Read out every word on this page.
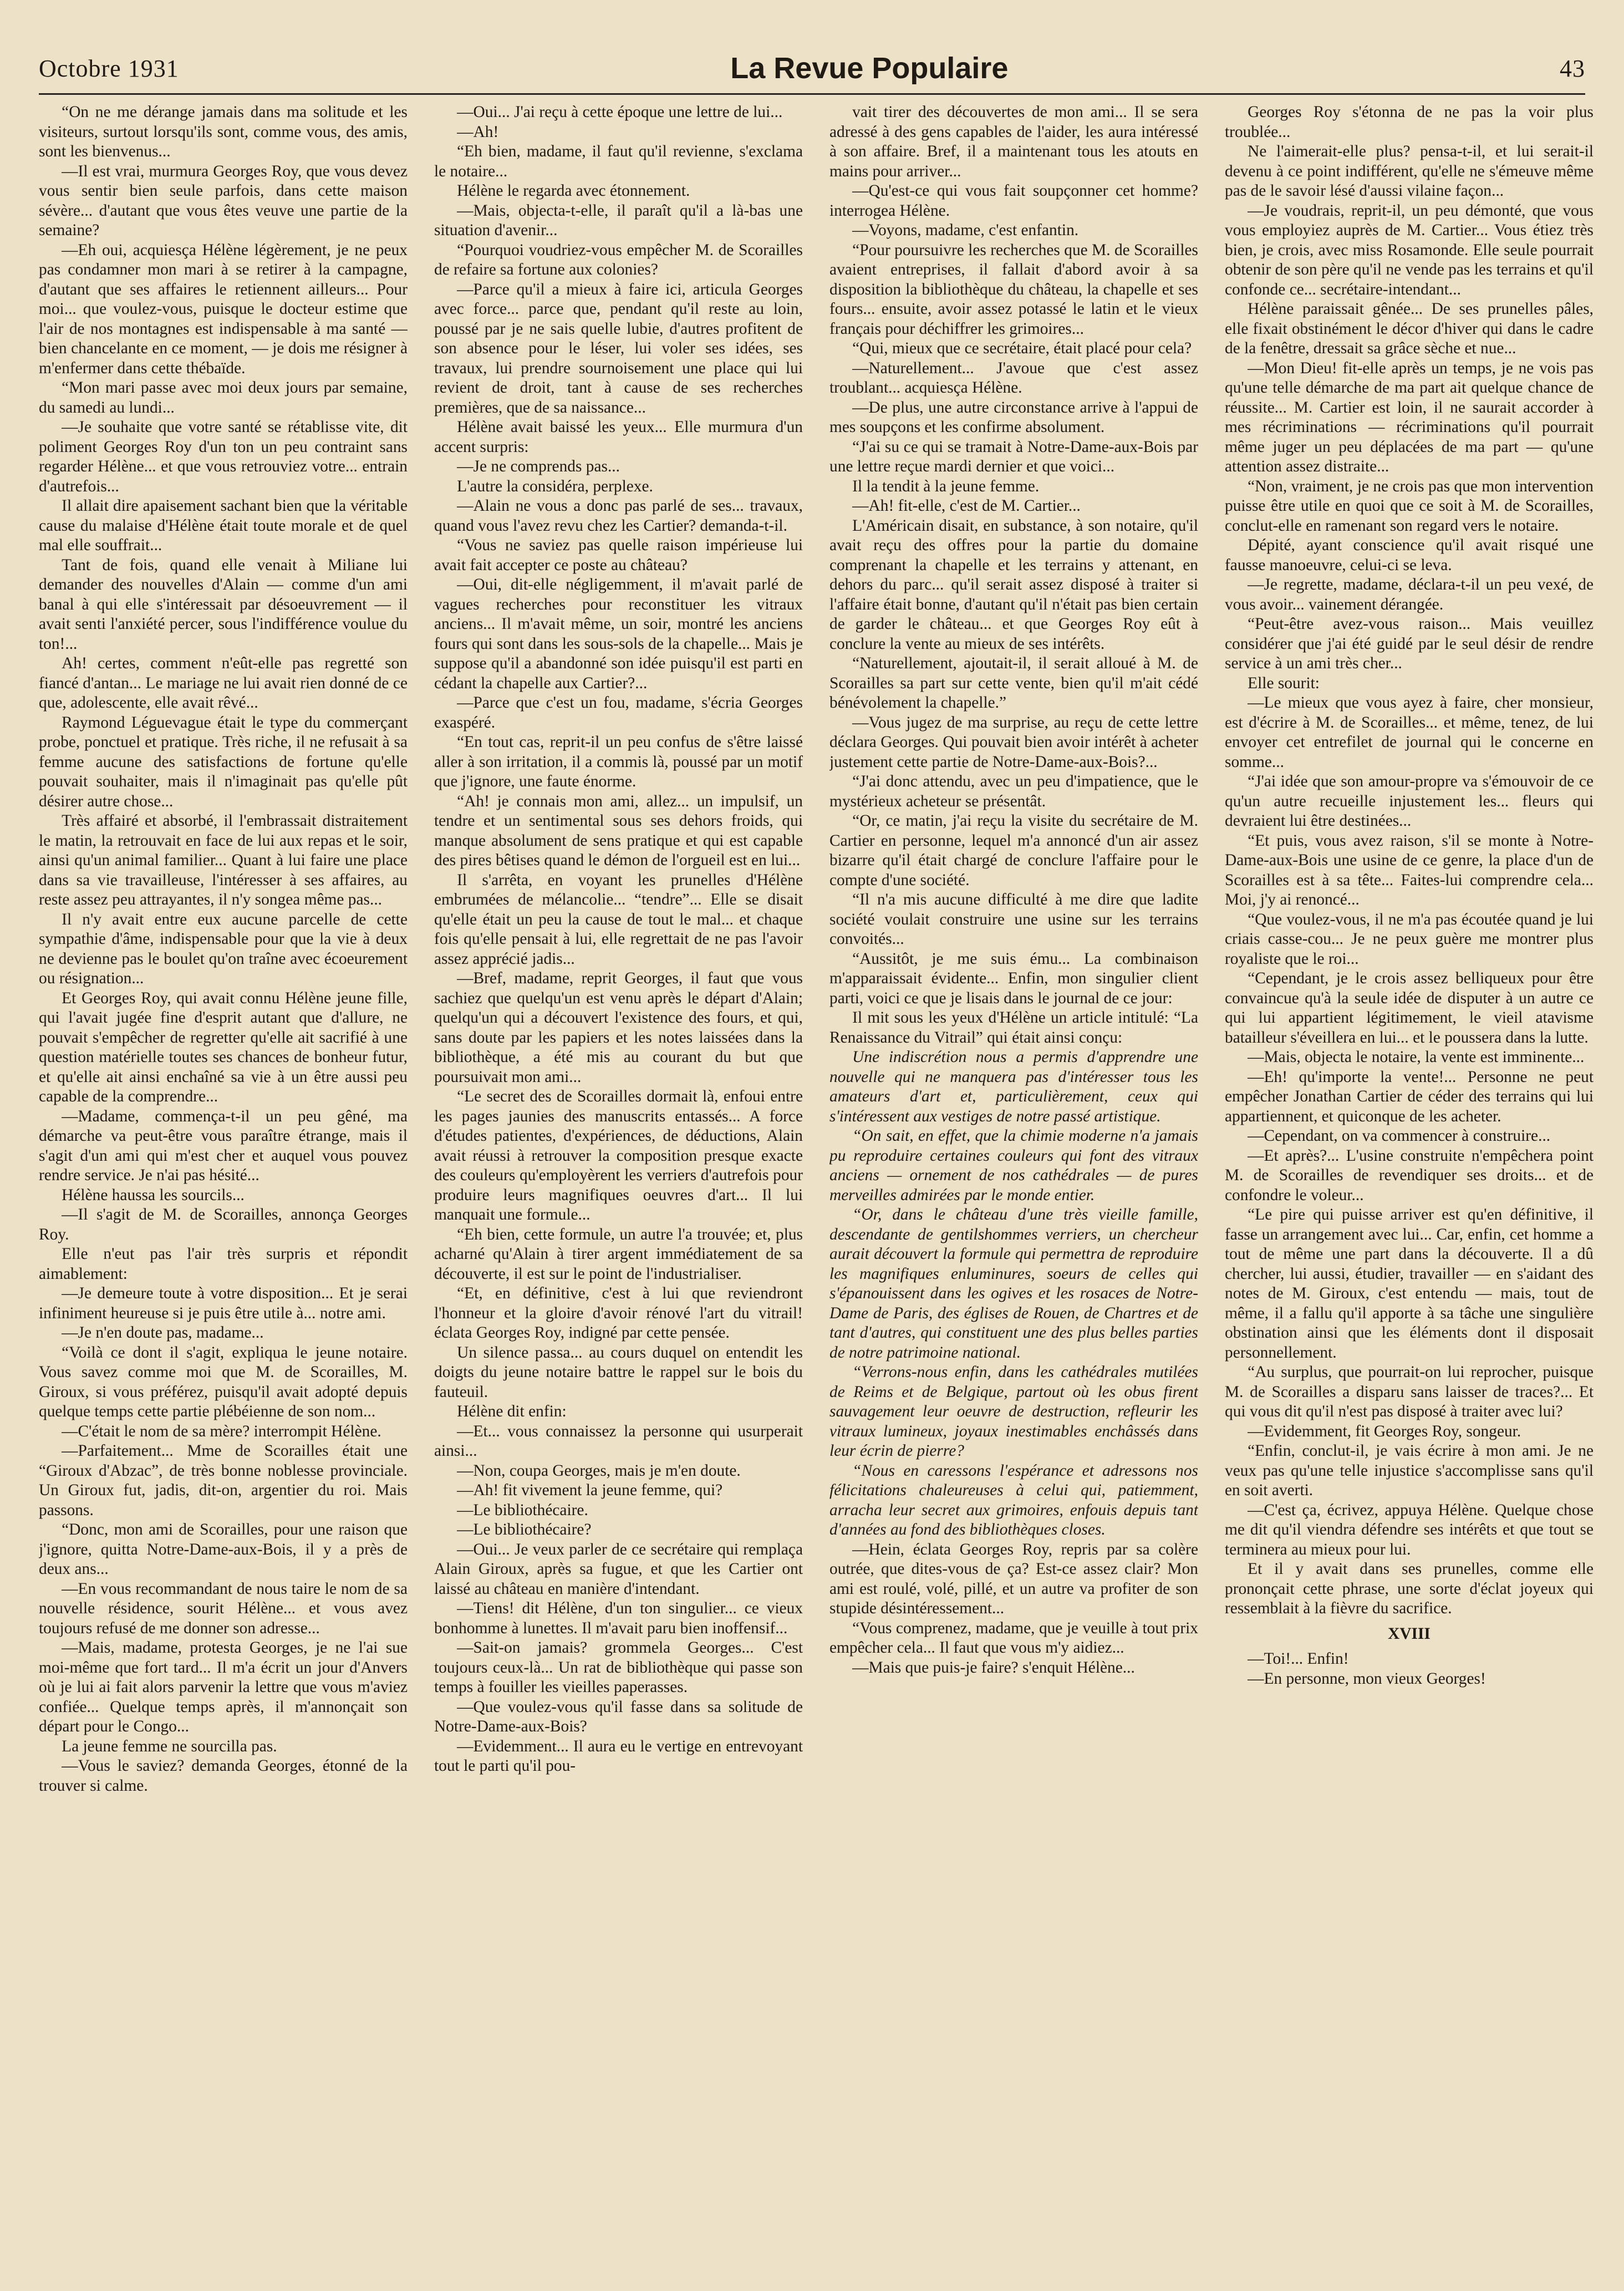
Octobre 1931	La Revue Populaire	43

“On ne me dérange jamais dans ma solitude et les visiteurs, surtout lorsqu'ils sont, comme vous, des amis, sont les bienvenus...

—Il est vrai, murmura Georges Roy, que vous devez vous sentir bien seule parfois, dans cette maison sévère... d'autant que vous êtes veuve une partie de la semaine?

—Eh oui, acquiesça Hélène légèrement, je ne peux pas condamner mon mari à se retirer à la campagne, d'autant que ses affaires le retiennent ailleurs... Pour moi... que voulez-vous, puisque le docteur estime que l'air de nos montagnes est indispensable à ma santé — bien chancelante en ce moment, — je dois me résigner à m'enfermer dans cette thébaïde.

“Mon mari passe avec moi deux jours par semaine, du samedi au lundi...

—Je souhaite que votre santé se rétablisse vite, dit poliment Georges Roy d'un ton un peu contraint sans regarder Hélène... et que vous retrouviez votre... entrain d'autrefois...

Il allait dire apaisement sachant bien que la véritable cause du malaise d'Hélène était toute morale et de quel mal elle souffrait...

Tant de fois, quand elle venait à Miliane lui demander des nouvelles d'Alain — comme d'un ami banal à qui elle s'intéressait par désoeuvrement — il avait senti l'anxiété percer, sous l'indifférence voulue du ton!...

Ah! certes, comment n'eût-elle pas regretté son fiancé d'antan... Le mariage ne lui avait rien donné de ce que, adolescente, elle avait rêvé...

Raymond Léguevague était le type du commerçant probe, ponctuel et pratique. Très riche, il ne refusait à sa femme aucune des satisfactions de fortune qu'elle pouvait souhaiter, mais il n'imaginait pas qu'elle pût désirer autre chose...

Très affairé et absorbé, il l'embrassait distraitement le matin, la retrouvait en face de lui aux repas et le soir, ainsi qu'un animal familier... Quant à lui faire une place dans sa vie travailleuse, l'intéresser à ses affaires, au reste assez peu attrayantes, il n'y songea même pas...

Il n'y avait entre eux aucune parcelle de cette sympathie d'âme, indispensable pour que la vie à deux ne devienne pas le boulet qu'on traîne avec écoeurement ou résignation...

Et Georges Roy, qui avait connu Hélène jeune fille, qui l'avait jugée fine d'esprit autant que d'allure, ne pouvait s'empêcher de regretter qu'elle ait sacrifié à une question matérielle toutes ses chances de bonheur futur, et qu'elle ait ainsi enchaîné sa vie à un être aussi peu capable de la comprendre...

—Madame, commença-t-il un peu gêné, ma démarche va peut-être vous paraître étrange, mais il s'agit d'un ami qui m'est cher et auquel vous pouvez rendre service. Je n'ai pas hésité...

Hélène haussa les sourcils...

—Il s'agit de M. de Scorailles, annonça Georges Roy.

Elle n'eut pas l'air très surpris et répondit aimablement:

—Je demeure toute à votre disposition... Et je serai infiniment heureuse si je puis être utile à... notre ami.

—Je n'en doute pas, madame...

“Voilà ce dont il s'agit, expliqua le jeune notaire. Vous savez comme moi que M. de Scorailles, M. Giroux, si vous préférez, puisqu'il avait adopté depuis quelque temps cette partie plébéienne de son nom...

—C'était le nom de sa mère? interrompit Hélène.

—Parfaitement... Mme de Scorailles était une “Giroux d'Abzac”, de très bonne noblesse provinciale. Un Giroux fut, jadis, dit-on, argentier du roi. Mais passons.

“Donc, mon ami de Scorailles, pour une raison que j'ignore, quitta Notre-Dame-aux-Bois, il y a près de deux ans...

—En vous recommandant de nous taire le nom de sa nouvelle résidence, sourit Hélène... et vous avez toujours refusé de me donner son adresse...

—Mais, madame, protesta Georges, je ne l'ai sue moi-même que fort tard... Il m'a écrit un jour d'Anvers où je lui ai fait alors parvenir la lettre que vous m'aviez confiée... Quelque temps après, il m'annonçait son départ pour le Congo...

La jeune femme ne sourcilla pas.

—Vous le saviez? demanda Georges, étonné de la trouver si calme.

—Oui... J'ai reçu à cette époque une lettre de lui...

—Ah!

“Eh bien, madame, il faut qu'il revienne, s'exclama le notaire...

Hélène le regarda avec étonnement.

—Mais, objecta-t-elle, il paraît qu'il a là-bas une situation d'avenir...

“Pourquoi voudriez-vous empêcher M. de Scorailles de refaire sa fortune aux colonies?

—Parce qu'il a mieux à faire ici, articula Georges avec force... parce que, pendant qu'il reste au loin, poussé par je ne sais quelle lubie, d'autres profitent de son absence pour le léser, lui voler ses idées, ses travaux, lui prendre sournoisement une place qui lui revient de droit, tant à cause de ses recherches premières, que de sa naissance...

Hélène avait baissé les yeux... Elle murmura d'un accent surpris:

—Je ne comprends pas...

L'autre la considéra, perplexe.

—Alain ne vous a donc pas parlé de ses... travaux, quand vous l'avez revu chez les Cartier? demanda-t-il.

“Vous ne saviez pas quelle raison impérieuse lui avait fait accepter ce poste au château?

—Oui, dit-elle négligemment, il m'avait parlé de vagues recherches pour reconstituer les vitraux anciens... Il m'avait même, un soir, montré les anciens fours qui sont dans les sous-sols de la chapelle... Mais je suppose qu'il a abandonné son idée puisqu'il est parti en cédant la chapelle aux Cartier?...

—Parce que c'est un fou, madame, s'écria Georges exaspéré.

“En tout cas, reprit-il un peu confus de s'être laissé aller à son irritation, il a commis là, poussé par un motif que j'ignore, une faute énorme.

“Ah! je connais mon ami, allez... un impulsif, un tendre et un sentimental sous ses dehors froids, qui manque absolument de sens pratique et qui est capable des pires bêtises quand le démon de l'orgueil est en lui...

Il s'arrêta, en voyant les prunelles d'Hélène embrumées de mélancolie... “tendre”... Elle se disait qu'elle était un peu la cause de tout le mal... et chaque fois qu'elle pensait à lui, elle regrettait de ne pas l'avoir assez apprécié jadis...

—Bref, madame, reprit Georges, il faut que vous sachiez que quelqu'un est venu après le départ d'Alain; quelqu'un qui a découvert l'existence des fours, et qui, sans doute par les papiers et les notes laissées dans la bibliothèque, a été mis au courant du but que poursuivait mon ami...

“Le secret des de Scorailles dormait là, enfoui entre les pages jaunies des manuscrits entassés... A force d'études patientes, d'expériences, de déductions, Alain avait réussi à retrouver la composition presque exacte des couleurs qu'employèrent les verriers d'autrefois pour produire leurs magnifiques oeuvres d'art... Il lui manquait une formule...

“Eh bien, cette formule, un autre l'a trouvée; et, plus acharné qu'Alain à tirer argent immédiatement de sa découverte, il est sur le point de l'industrialiser.

“Et, en définitive, c'est à lui que reviendront l'honneur et la gloire d'avoir rénové l'art du vitrail! éclata Georges Roy, indigné par cette pensée.

Un silence passa... au cours duquel on entendit les doigts du jeune notaire battre le rappel sur le bois du fauteuil.

Hélène dit enfin:

—Et... vous connaissez la personne qui usurperait ainsi...

—Non, coupa Georges, mais je m'en doute.

—Ah! fit vivement la jeune femme, qui?

—Le bibliothécaire.

—Le bibliothécaire?

—Oui... Je veux parler de ce secrétaire qui remplaça Alain Giroux, après sa fugue, et que les Cartier ont laissé au château en manière d'intendant.

—Tiens! dit Hélène, d'un ton singulier... ce vieux bonhomme à lunettes. Il m'avait paru bien inoffensif...

—Sait-on jamais? grommela Georges... C'est toujours ceux-là... Un rat de bibliothèque qui passe son temps à fouiller les vieilles paperasses.

—Que voulez-vous qu'il fasse dans sa solitude de Notre-Dame-aux-Bois?

—Evidemment... Il aura eu le vertige en entrevoyant tout le parti qu'il pou-

vait tirer des découvertes de mon ami... Il se sera adressé à des gens capables de l'aider, les aura intéressé à son affaire. Bref, il a maintenant tous les atouts en mains pour arriver...

—Qu'est-ce qui vous fait soupçonner cet homme? interrogea Hélène.

—Voyons, madame, c'est enfantin.

“Pour poursuivre les recherches que M. de Scorailles avaient entreprises, il fallait d'abord avoir à sa disposition la bibliothèque du château, la chapelle et ses fours... ensuite, avoir assez potassé le latin et le vieux français pour déchiffrer les grimoires...

“Qui, mieux que ce secrétaire, était placé pour cela?

—Naturellement... J'avoue que c'est assez troublant... acquiesça Hélène.

—De plus, une autre circonstance arrive à l'appui de mes soupçons et les confirme absolument.

“J'ai su ce qui se tramait à Notre-Dame-aux-Bois par une lettre reçue mardi dernier et que voici...

Il la tendit à la jeune femme.

—Ah! fit-elle, c'est de M. Cartier...

L'Américain disait, en substance, à son notaire, qu'il avait reçu des offres pour la partie du domaine comprenant la chapelle et les terrains y attenant, en dehors du parc... qu'il serait assez disposé à traiter si l'affaire était bonne, d'autant qu'il n'était pas bien certain de garder le château... et que Georges Roy eût à conclure la vente au mieux de ses intérêts.

“Naturellement, ajoutait-il, il serait alloué à M. de Scorailles sa part sur cette vente, bien qu'il m'ait cédé bénévolement la chapelle.”

—Vous jugez de ma surprise, au reçu de cette lettre déclara Georges. Qui pouvait bien avoir intérêt à acheter justement cette partie de Notre-Dame-aux-Bois?...

“J'ai donc attendu, avec un peu d'impatience, que le mystérieux acheteur se présentât.

“Or, ce matin, j'ai reçu la visite du secrétaire de M. Cartier en personne, lequel m'a annoncé d'un air assez bizarre qu'il était chargé de conclure l'affaire pour le compte d'une société.

“Il n'a mis aucune difficulté à me dire que ladite société voulait construire une usine sur les terrains convoités...

“Aussitôt, je me suis ému... La combinaison m'apparaissait évidente... Enfin, mon singulier client parti, voici ce que je lisais dans le journal de ce jour:

Il mit sous les yeux d'Hélène un article intitulé: “La Renaissance du Vitrail” qui était ainsi conçu:

Une indiscrétion nous a permis d'apprendre une nouvelle qui ne manquera pas d'intéresser tous les amateurs d'art et, particulièrement, ceux qui s'intéressent aux vestiges de notre passé artistique.

“On sait, en effet, que la chimie moderne n'a jamais pu reproduire certaines couleurs qui font des vitraux anciens — ornement de nos cathédrales — de pures merveilles admirées par le monde entier.

“Or, dans le château d'une très vieille famille, descendante de gentilshommes verriers, un chercheur aurait découvert la formule qui permettra de reproduire les magnifiques enluminures, soeurs de celles qui s'épanouissent dans les ogives et les rosaces de Notre-Dame de Paris, des églises de Rouen, de Chartres et de tant d'autres, qui constituent une des plus belles parties de notre patrimoine national.

“Verrons-nous enfin, dans les cathédrales mutilées de Reims et de Belgique, partout où les obus firent sauvagement leur oeuvre de destruction, refleurir les vitraux lumineux, joyaux inestimables enchâssés dans leur écrin de pierre?

“Nous en caressons l'espérance et adressons nos félicitations chaleureuses à celui qui, patiemment, arracha leur secret aux grimoires, enfouis depuis tant d'années au fond des bibliothèques closes.

—Hein, éclata Georges Roy, repris par sa colère outrée, que dites-vous de ça? Est-ce assez clair? Mon ami est roulé, volé, pillé, et un autre va profiter de son stupide désintéressement...

“Vous comprenez, madame, que je veuille à tout prix empêcher cela... Il faut que vous m'y aidiez...

—Mais que puis-je faire? s'enquit Hélène...

Georges Roy s'étonna de ne pas la voir plus troublée...

Ne l'aimerait-elle plus? pensa-t-il, et lui serait-il devenu à ce point indifférent, qu'elle ne s'émeuve même pas de le savoir lésé d'aussi vilaine façon...

—Je voudrais, reprit-il, un peu démonté, que vous vous employiez auprès de M. Cartier... Vous étiez très bien, je crois, avec miss Rosamonde. Elle seule pourrait obtenir de son père qu'il ne vende pas les terrains et qu'il confonde ce... secrétaire-intendant...

Hélène paraissait gênée... De ses prunelles pâles, elle fixait obstinément le décor d'hiver qui dans le cadre de la fenêtre, dressait sa grâce sèche et nue...

—Mon Dieu! fit-elle après un temps, je ne vois pas qu'une telle démarche de ma part ait quelque chance de réussite... M. Cartier est loin, il ne saurait accorder à mes récriminations — récriminations qu'il pourrait même juger un peu déplacées de ma part — qu'une attention assez distraite...

“Non, vraiment, je ne crois pas que mon intervention puisse être utile en quoi que ce soit à M. de Scorailles, conclut-elle en ramenant son regard vers le notaire.

Dépité, ayant conscience qu'il avait risqué une fausse manoeuvre, celui-ci se leva.

—Je regrette, madame, déclara-t-il un peu vexé, de vous avoir... vainement dérangée.

“Peut-être avez-vous raison... Mais veuillez considérer que j'ai été guidé par le seul désir de rendre service à un ami très cher...

Elle sourit:

—Le mieux que vous ayez à faire, cher monsieur, est d'écrire à M. de Scorailles... et même, tenez, de lui envoyer cet entrefilet de journal qui le concerne en somme...

“J'ai idée que son amour-propre va s'émouvoir de ce qu'un autre recueille injustement les... fleurs qui devraient lui être destinées...

“Et puis, vous avez raison, s'il se monte à Notre-Dame-aux-Bois une usine de ce genre, la place d'un de Scorailles est à sa tête... Faites-lui comprendre cela... Moi, j'y ai renoncé...

“Que voulez-vous, il ne m'a pas écoutée quand je lui criais casse-cou... Je ne peux guère me montrer plus royaliste que le roi...

“Cependant, je le crois assez belliqueux pour être convaincue qu'à la seule idée de disputer à un autre ce qui lui appartient légitimement, le vieil atavisme batailleur s'éveillera en lui... et le poussera dans la lutte.

—Mais, objecta le notaire, la vente est imminente...

—Eh! qu'importe la vente!... Personne ne peut empêcher Jonathan Cartier de céder des terrains qui lui appartiennent, et quiconque de les acheter.

—Cependant, on va commencer à construire...

—Et après?... L'usine construite n'empêchera point M. de Scorailles de revendiquer ses droits... et de confondre le voleur...

“Le pire qui puisse arriver est qu'en définitive, il fasse un arrangement avec lui... Car, enfin, cet homme a tout de même une part dans la découverte. Il a dû chercher, lui aussi, étudier, travailler — en s'aidant des notes de M. Giroux, c'est entendu — mais, tout de même, il a fallu qu'il apporte à sa tâche une singulière obstination ainsi que les éléments dont il disposait personnellement.

“Au surplus, que pourrait-on lui reprocher, puisque M. de Scorailles a disparu sans laisser de traces?... Et qui vous dit qu'il n'est pas disposé à traiter avec lui?

—Evidemment, fit Georges Roy, songeur.

“Enfin, conclut-il, je vais écrire à mon ami. Je ne veux pas qu'une telle injustice s'accomplisse sans qu'il en soit averti.

—C'est ça, écrivez, appuya Hélène. Quelque chose me dit qu'il viendra défendre ses intérêts et que tout se terminera au mieux pour lui.

Et il y avait dans ses prunelles, comme elle prononçait cette phrase, une sorte d'éclat joyeux qui ressemblait à la fièvre du sacrifice.

XVIII

—Toi!... Enfin!

—En personne, mon vieux Georges!
